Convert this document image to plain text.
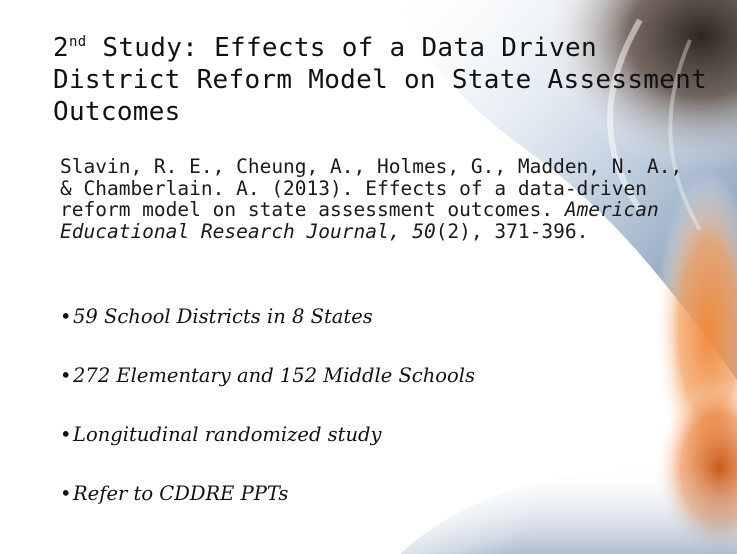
2nd Study: Effects of a Data Driven District Reform Model on State Assessment Outcomes

Slavin, R. E., Cheung, A., Holmes, G., Madden, N. A., & Chamberlain. A. (2013). Effects of a data-driven reform model on state assessment outcomes. American Educational Research Journal, 50(2), 371-396.

•59 School Districts in 8 States
•272 Elementary and 152 Middle Schools
•Longitudinal randomized study
•Refer to CDDRE PPTs
